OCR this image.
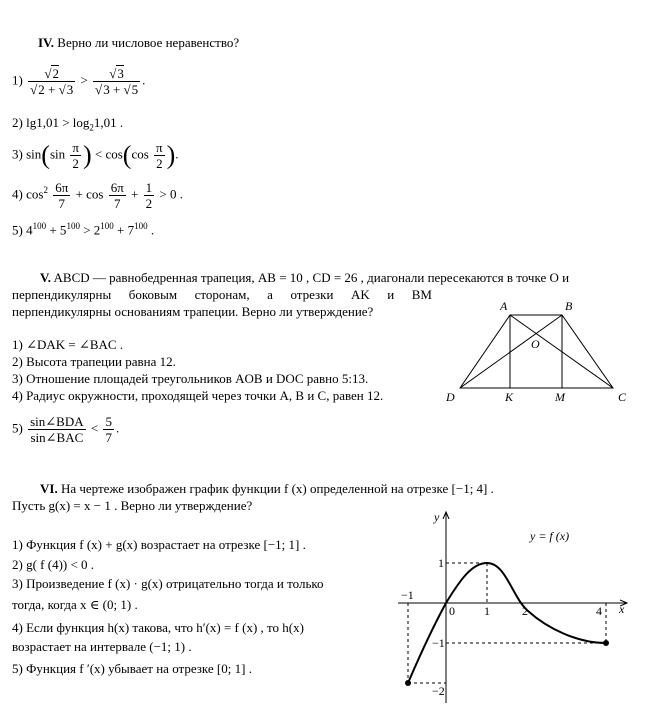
IV. Верно ли числовое неравенство?
$1) \frac{√2}{√2 + √3} > \frac{√3}{√3 + √5}$ .
2) $\lg 1,01 > \log_21,01$ .
3) $\sin(\sin \frac{\pi}{2}$ ) < $\cos(\cos \frac{\pi}{2}$ ).
4) $\cos^2 \frac{6\pi}{7} + \cos \frac{6\pi}{7} + \frac{1}{2} > 0$ .
5) $4^{100} + 5^{100} > 2^{100} + 7^{100}$ .
V. ABCD — равнобедренная трапеция, AB = 10 , CD = 26 , диагонали пересекаются в точке O и
перпендикулярны боковым сторонам, а отрезки AK и BM
перпендикулярны основаниям трапеции. Верно ли утверждение?
1) ∠DAK = ∠BAC .
2) Высота трапеции равна 12.
3) Отношение площадей треугольников AOB и DOC равно 5:13.
4) Радиус окружности, проходящей через точки A, B и C, равен 12.
$5) \frac{\text{sin∠BDA}}{\text{sin∠BAC}} < \frac{5}{7}$ .
A	B
O
D	K	M	C
VI. На чертеже изображен график функции f (x) определенной на отрезке [−1; 4] .
Пусть g(x) = x − 1 . Верно ли утверждение?
1) Функция f (x) + g(x) возрастает на отрезке [−1; 1] .
2) g( f (4)) < 0 .
3) Произведение f (x) · g(x) отрицательно тогда и только
тогда, когда x ∈ (0; 1) .
4) Если функция h(x) такова, что h′(x) = f (x) , то h(x)
возрастает на интервале (−1; 1) .
5) Функция f ′(x) убывает на отрезке [0; 1] .
y
x
y = f (x)
−1
0 1	2	4
1
−1
−2
